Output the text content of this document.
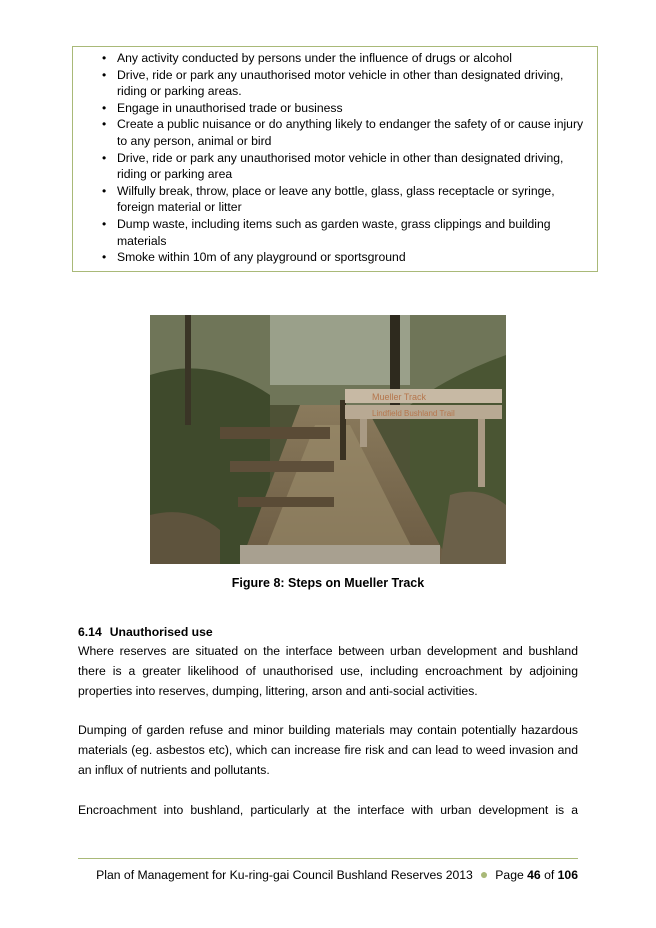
• Any activity conducted by persons under the influence of drugs or alcohol
• Drive, ride or park any unauthorised motor vehicle in other than designated driving, riding or parking areas.
• Engage in unauthorised trade or business
• Create a public nuisance or do anything likely to endanger the safety of or cause injury to any person, animal or bird
• Drive, ride or park any unauthorised motor vehicle in other than designated driving, riding or parking area
• Wilfully break, throw, place or leave any bottle, glass, glass receptacle or syringe, foreign material or litter
• Dump waste, including items such as garden waste, grass clippings and building materials
• Smoke within 10m of any playground or sportsground
Mueller Track
Lindfield Bushland Trail
Figure 8: Steps on Mueller Track
6.14 Unauthorised use
Where reserves are situated on the interface between urban development and bushland there is a greater likelihood of unauthorised use, including encroachment by adjoining properties into reserves, dumping, littering, arson and anti-social activities.
Dumping of garden refuse and minor building materials may contain potentially hazardous materials (eg. asbestos etc), which can increase fire risk and can lead to weed invasion and an influx of nutrients and pollutants.
Encroachment into bushland, particularly at the interface with urban development is a
Plan of Management for Ku-ring-gai Council Bushland Reserves 2013 ● Page 46 of 106
